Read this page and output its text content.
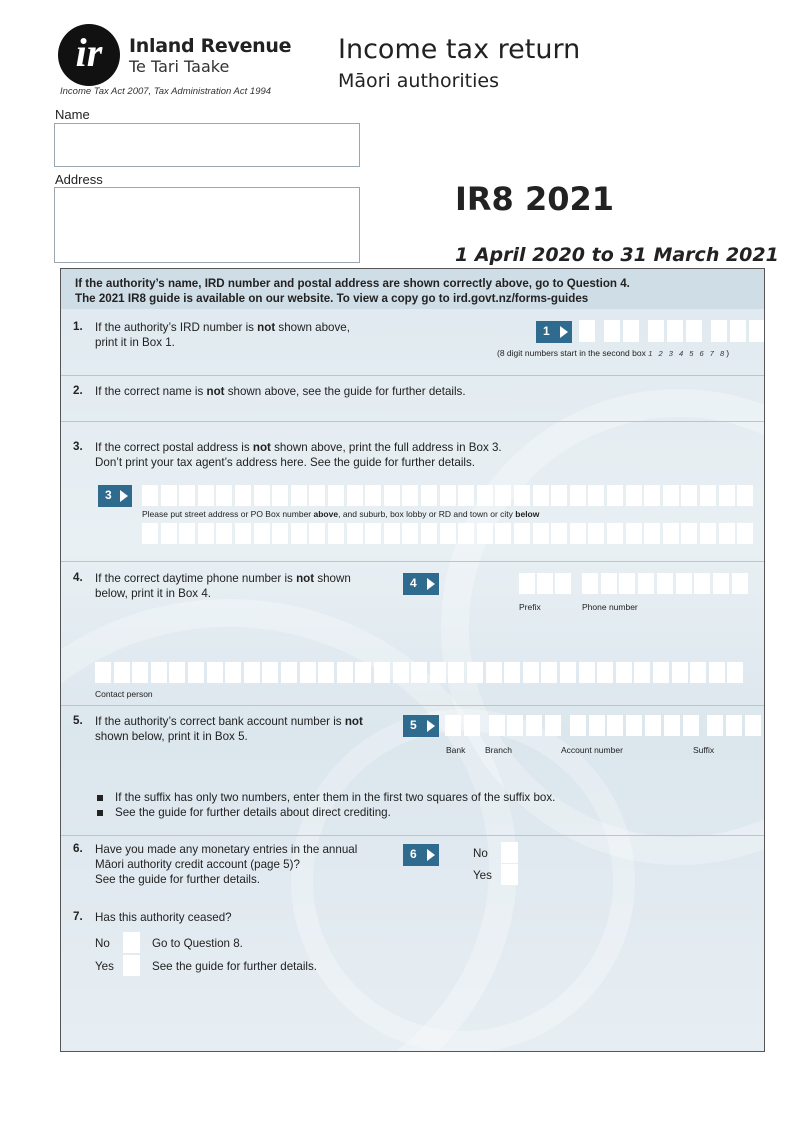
ir	Inland Revenue
Te Tari Taake
Income Tax Act 2007, Tax Administration Act 1994
Income tax return
Māori authorities
Name
Address
IR8 2021
1 April 2020 to 31 March 2021
If the authority’s name, IRD number and postal address are shown correctly above, go to Question 4.
The 2021 IR8 guide is available on our website. To view a copy go to ird.govt.nz/forms-guides
1. If the authority’s IRD number is not shown above,
print it in Box 1.
1
(8 digit numbers start in the second box 1 2 3 4 5 6 7 8)
2. If the correct name is not shown above, see the guide for further details.
3. If the correct postal address is not shown above, print the full address in Box 3.
Don’t print your tax agent’s address here. See the guide for further details.
3
Please put street address or PO Box number above, and suburb, box lobby or RD and town or city below
4. If the correct daytime phone number is not shown
below, print it in Box 4.
4
Prefix	Phone number
Contact person
5. If the authority’s correct bank account number is not
shown below, print it in Box 5.
5
Bank Branch	Account number	Suffix
If the suffix has only two numbers, enter them in the first two squares of the suffix box.
See the guide for further details about direct crediting.
6. Have you made any monetary entries in the annual
Māori authority credit account (page 5)?
See the guide for further details.
6	No
Yes
7. Has this authority ceased?
No	Go to Question 8.
Yes	See the guide for further details.
